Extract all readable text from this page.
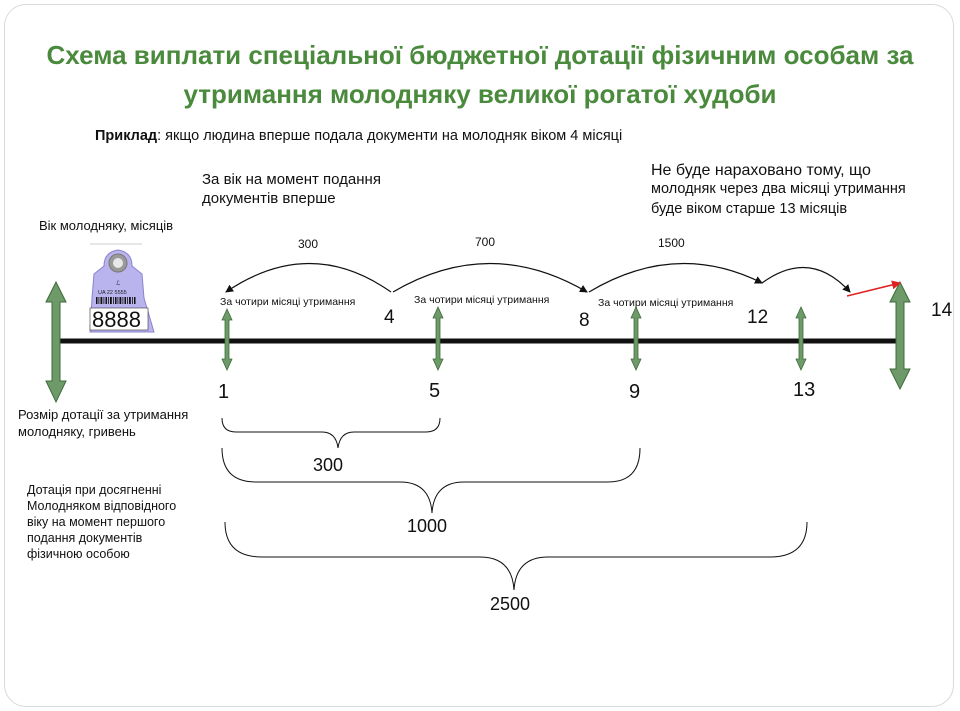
Схема виплати спеціальної бюджетної дотації фізичним особам за утримання молодняку великої рогатої худоби
Приклад: якщо людина вперше подала документи на молодняк віком 4 місяці
За вік на момент подання
документів вперше
Не буде нараховано тому, що
молодняк через два місяці утримання
буде віком старше 13 місяців
Вік молодняку, місяців
Розмір дотації за утримання
молодняку, гривень
Дотація при досягненні
Молодняком відповідного
віку на момент першого
подання документів
фізичною особою
300	700	1500
За чотири місяці утримання	За чотири місяці утримання	За чотири місяці утримання
4	8	12	14
1	5	9	13
300
1000
2500
ℒ
UA 22 5555
8888
